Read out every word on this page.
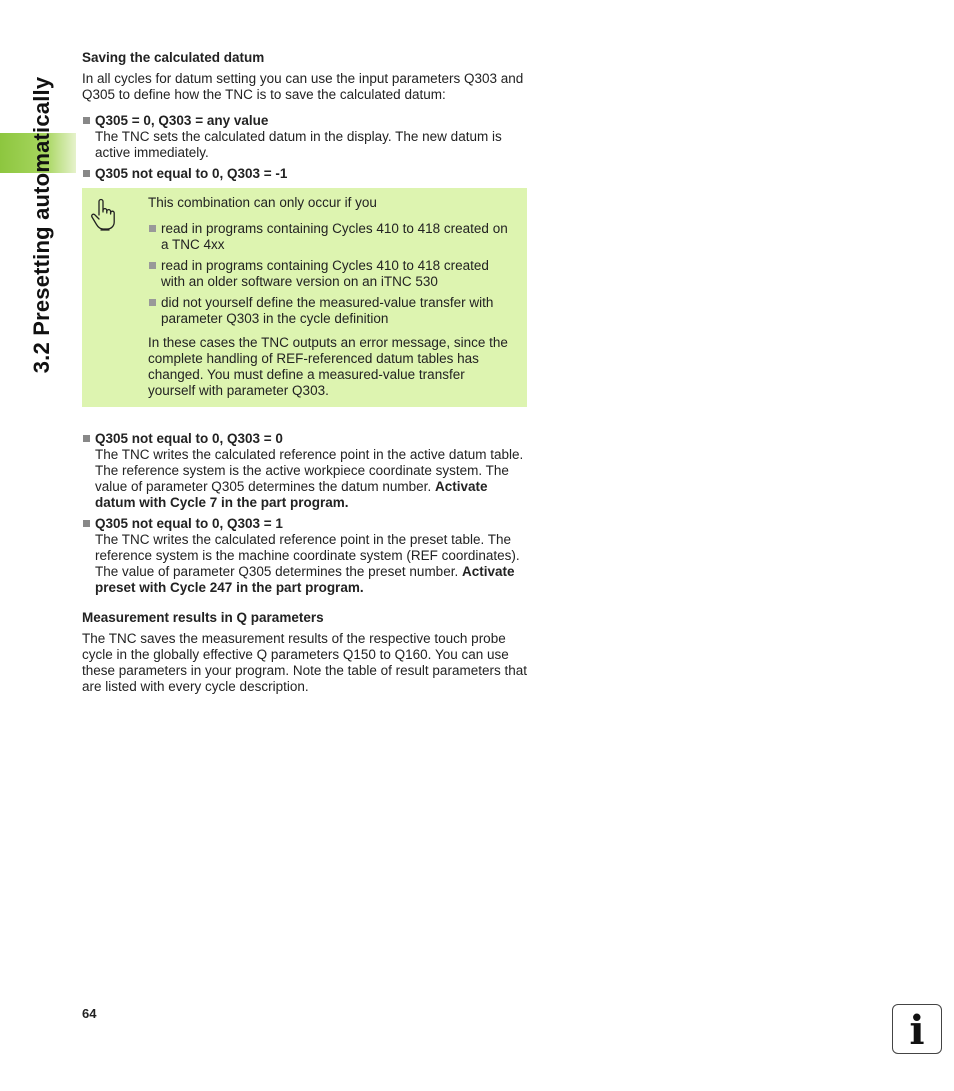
3.2 Presetting automatically
Saving the calculated datum

In all cycles for datum setting you can use the input parameters Q303 and Q305 to define how the TNC is to save the calculated datum:

Q305 = 0, Q303 = any value
The TNC sets the calculated datum in the display. The new datum is active immediately.
Q305 not equal to 0, Q303 = -1

This combination can only occur if you

read in programs containing Cycles 410 to 418 created on a TNC 4xx
read in programs containing Cycles 410 to 418 created with an older software version on an iTNC 530
did not yourself define the measured-value transfer with parameter Q303 in the cycle definition

In these cases the TNC outputs an error message, since the complete handling of REF-referenced datum tables has changed. You must define a measured-value transfer yourself with parameter Q303.

Q305 not equal to 0, Q303 = 0
The TNC writes the calculated reference point in the active datum table. The reference system is the active workpiece coordinate system. The value of parameter Q305 determines the datum number. Activate datum with Cycle 7 in the part program.
Q305 not equal to 0, Q303 = 1
The TNC writes the calculated reference point in the preset table. The reference system is the machine coordinate system (REF coordinates). The value of parameter Q305 determines the preset number. Activate preset with Cycle 247 in the part program.
Measurement results in Q parameters

The TNC saves the measurement results of the respective touch probe cycle in the globally effective Q parameters Q150 to Q160. You can use these parameters in your program. Note the table of result parameters that are listed with every cycle description.

64	i
